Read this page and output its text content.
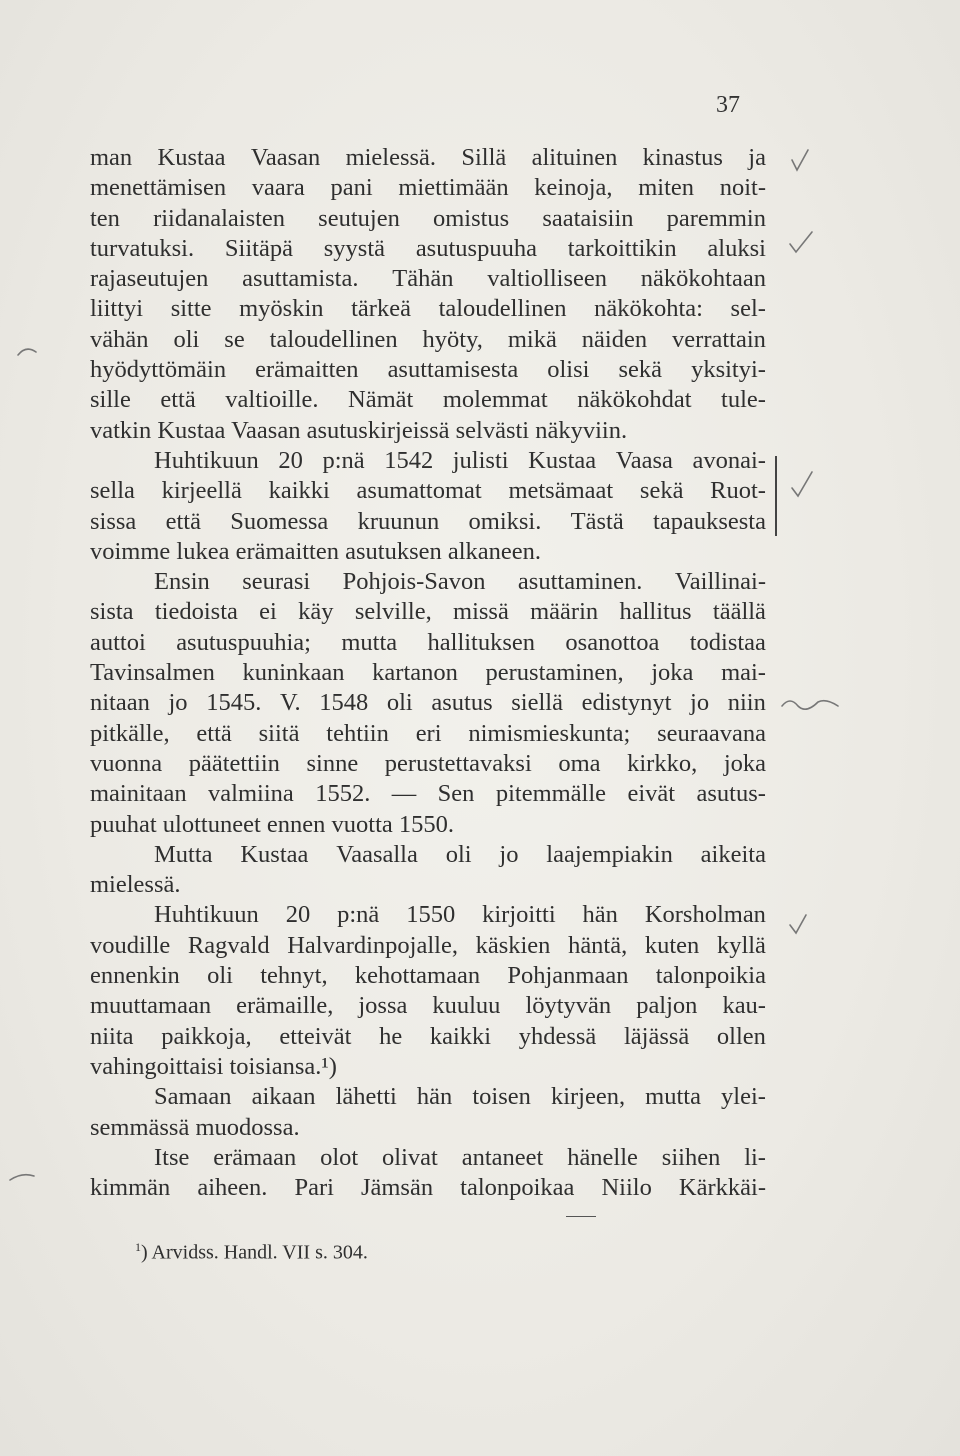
37
man Kustaa Vaasan mielessä. Sillä alituinen kinastus ja
menettämisen vaara pani miettimään keinoja, miten noit-
ten riidanalaisten seutujen omistus saataisiin paremmin
turvatuksi. Siitäpä syystä asutuspuuha tarkoittikin aluksi
rajaseutujen asuttamista. Tähän valtiolliseen näkökohtaan
liittyi sitte myöskin tärkeä taloudellinen näkökohta: sel-
vähän oli se taloudellinen hyöty, mikä näiden verrattain
hyödyttömäin erämaitten asuttamisesta olisi sekä yksityi-
sille että valtioille. Nämät molemmat näkökohdat tule-
vatkin Kustaa Vaasan asutuskirjeissä selvästi näkyviin.
Huhtikuun 20 p:nä 1542 julisti Kustaa Vaasa avonai-
sella kirjeellä kaikki asumattomat metsämaat sekä Ruot-
sissa että Suomessa kruunun omiksi. Tästä tapauksesta
voimme lukea erämaitten asutuksen alkaneen.
Ensin seurasi Pohjois-Savon asuttaminen. Vaillinai-
sista tiedoista ei käy selville, missä määrin hallitus täällä
auttoi asutuspuuhia; mutta hallituksen osanottoa todistaa
Tavinsalmen kuninkaan kartanon perustaminen, joka mai-
nitaan jo 1545. V. 1548 oli asutus siellä edistynyt jo niin
pitkälle, että siitä tehtiin eri nimismieskunta; seuraavana
vuonna päätettiin sinne perustettavaksi oma kirkko, joka
mainitaan valmiina 1552. — Sen pitemmälle eivät asutus-
puuhat ulottuneet ennen vuotta 1550.
Mutta Kustaa Vaasalla oli jo laajempiakin aikeita
mielessä.
Huhtikuun 20 p:nä 1550 kirjoitti hän Korsholman
voudille Ragvald Halvardinpojalle, käskien häntä, kuten kyllä
ennenkin oli tehnyt, kehottamaan Pohjanmaan talonpoikia
muuttamaan erämaille, jossa kuuluu löytyvän paljon kau-
niita paikkoja, etteivät he kaikki yhdessä läjässä ollen
vahingoittaisi toisiansa.¹)
Samaan aikaan lähetti hän toisen kirjeen, mutta ylei-
semmässä muodossa.
Itse erämaan olot olivat antaneet hänelle siihen li-
kimmän aiheen. Pari Jämsän talonpoikaa Niilo Kärkkäi-
$^1$) Arvidss. Handl. VII s. 304.
